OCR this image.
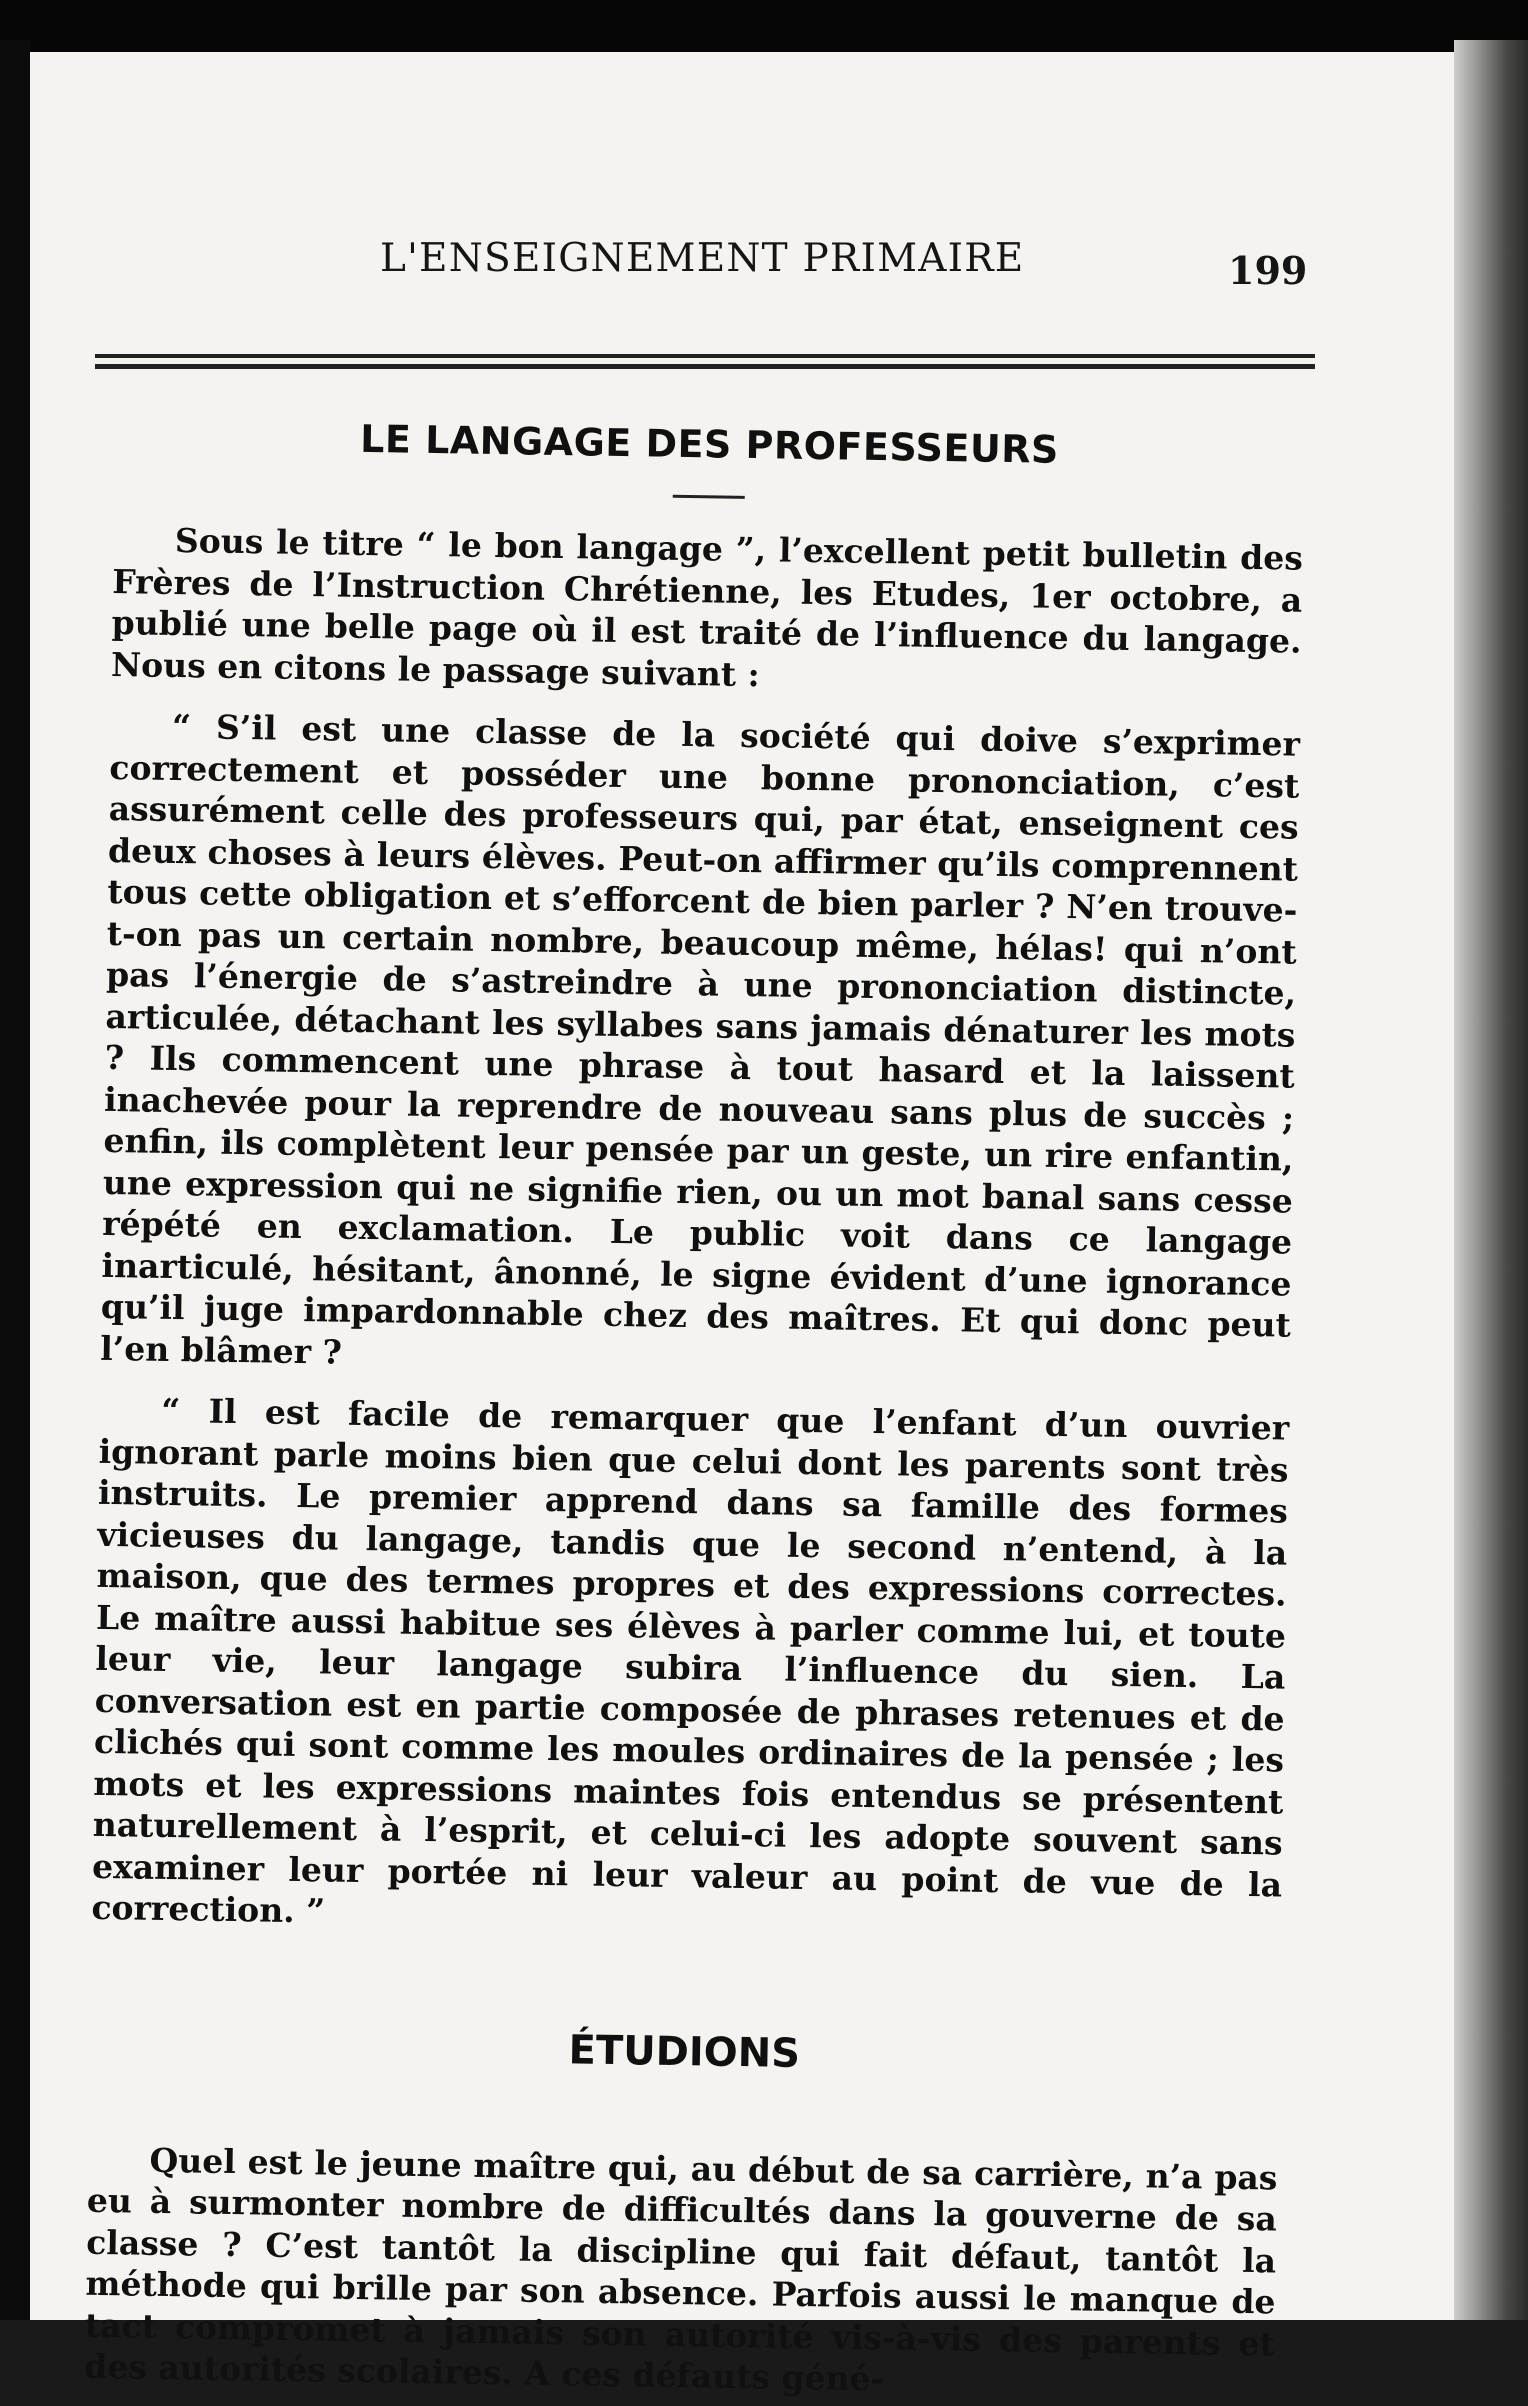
L'ENSEIGNEMENT PRIMAIRE	199
LE LANGAGE DES PROFESSEURS

Sous le titre “ le bon langage ”, l’excellent petit bulletin des Frères de l’Instruction Chrétienne, les Etudes, 1er octobre, a publié une belle page où il est traité de l’influence du langage. Nous en citons le passage suivant :

“ S’il est une classe de la société qui doive s’exprimer correctement et posséder une bonne prononciation, c’est assurément celle des professeurs qui, par état, enseignent ces deux choses à leurs élèves. Peut-on affirmer qu’ils comprennent tous cette obligation et s’efforcent de bien parler ? N’en trouve-t-on pas un certain nombre, beaucoup même, hélas! qui n’ont pas l’énergie de s’astreindre à une prononciation distincte, articulée, détachant les syllabes sans jamais dénaturer les mots ? Ils commencent une phrase à tout hasard et la laissent inachevée pour la reprendre de nouveau sans plus de succès ; enfin, ils complètent leur pensée par un geste, un rire enfantin, une expression qui ne signifie rien, ou un mot banal sans cesse répété en exclamation. Le public voit dans ce langage inarticulé, hésitant, ânonné, le signe évident d’une ignorance qu’il juge impardonnable chez des maîtres. Et qui donc peut l’en blâmer ?

“ Il est facile de remarquer que l’enfant d’un ouvrier ignorant parle moins bien que celui dont les parents sont très instruits. Le premier apprend dans sa famille des formes vicieuses du langage, tandis que le second n’entend, à la maison, que des termes propres et des expressions correctes. Le maître aussi habitue ses élèves à parler comme lui, et toute leur vie, leur langage subira l’influence du sien. La conversation est en partie composée de phrases retenues et de clichés qui sont comme les moules ordinaires de la pensée ; les mots et les expressions maintes fois entendus se présentent naturellement à l’esprit, et celui-ci les adopte souvent sans examiner leur portée ni leur valeur au point de vue de la correction. ”

ÉTUDIONS

Quel est le jeune maître qui, au début de sa carrière, n’a pas eu à surmonter nombre de difficultés dans la gouverne de sa classe ? C’est tantôt la discipline qui fait défaut, tantôt la méthode qui brille par son absence. Parfois aussi le manque de tact compromet à jamais son autorité vis-à-vis des parents et des autorités scolaires. A ces défauts géné-
